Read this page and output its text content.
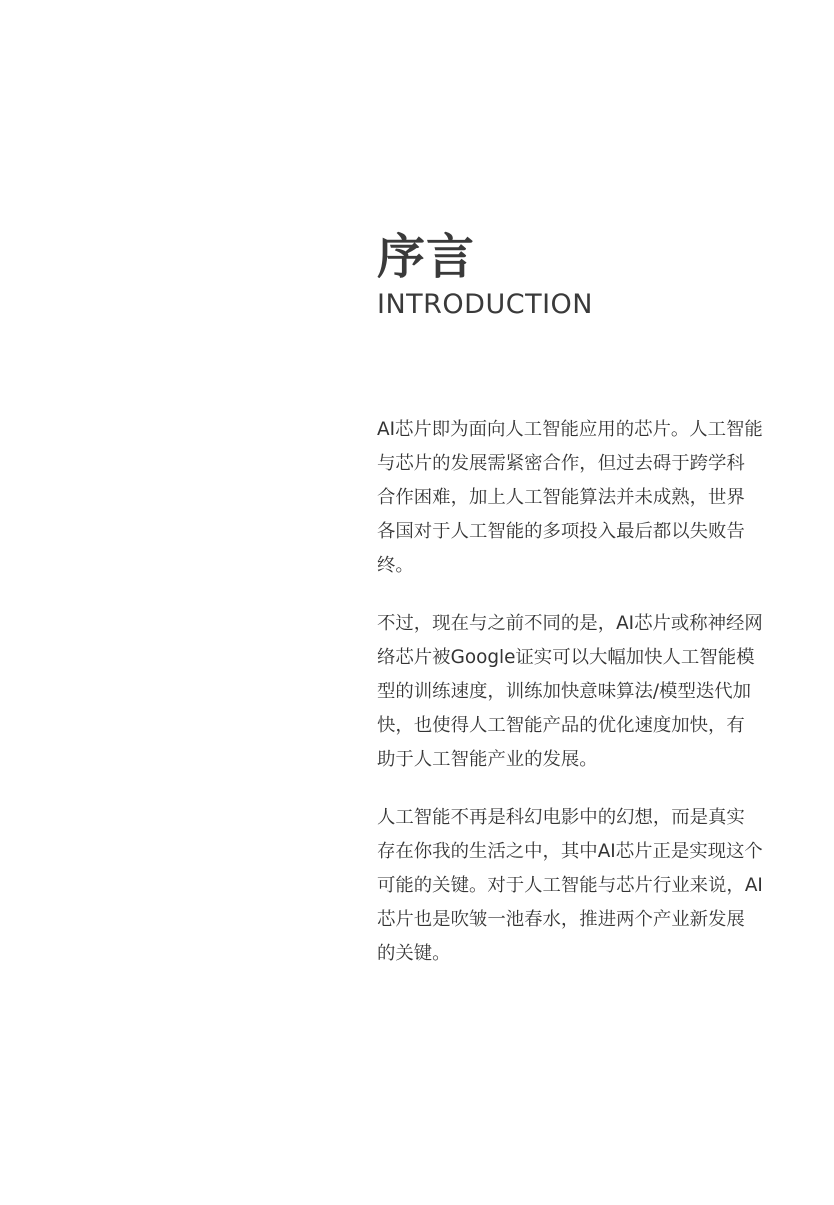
序言
INTRODUCTION

AI芯片即为面向人工智能应用的芯片。人工智能与芯片的发展需紧密合作，但过去碍于跨学科合作困难，加上人工智能算法并未成熟，世界各国对于人工智能的多项投入最后都以失败告终。

不过，现在与之前不同的是，AI芯片或称神经网络芯片被Google证实可以大幅加快人工智能模型的训练速度，训练加快意味算法/模型迭代加快，也使得人工智能产品的优化速度加快，有助于人工智能产业的发展。

人工智能不再是科幻电影中的幻想，而是真实存在你我的生活之中，其中AI芯片正是实现这个可能的关键。对于人工智能与芯片行业来说，AI芯片也是吹皱一池春水，推进两个产业新发展的关键。
